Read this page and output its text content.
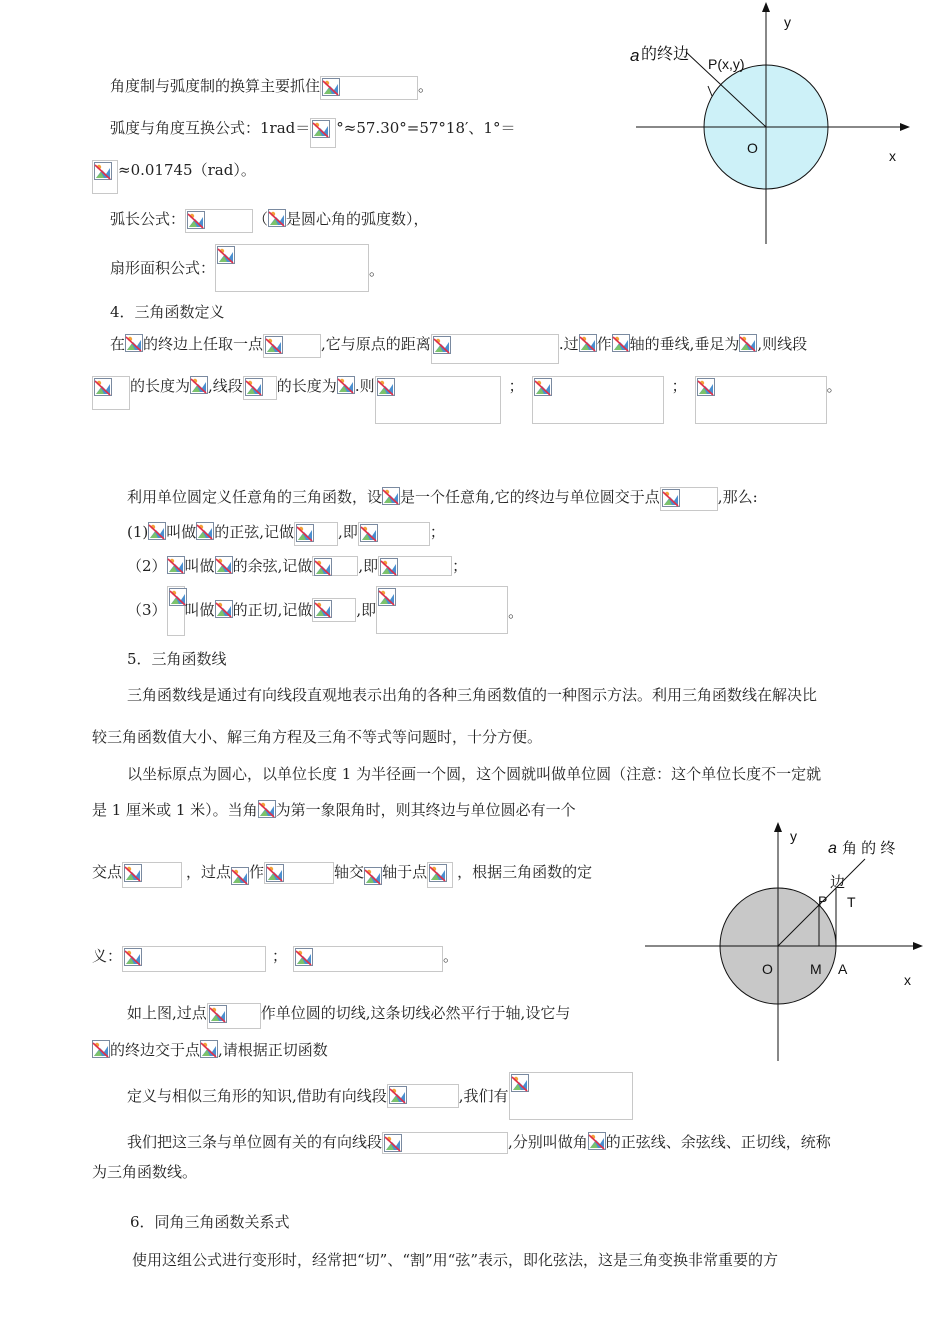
a 的终边
P(x,y)
y
x
O
y
a 角 的 终
边
P T
O	M A
x
角度制与弧度制的换算主要抓住	。
弧度与角度互换公式：1rad＝ °≈57.30°=57°18′、1°＝
≈0.01745（rad）。
弧长公式：	（ 是圆心角的弧度数），
扇形面积公式：	。
4．三角函数定义
在 的终边上任取一点	,它与原点的距离	.过 作 轴的垂线,垂足为 ,则线段
的长度为 ,线段 的长度为 .则	；	；	。
利用单位圆定义任意角的三角函数，设 是一个任意角,它的终边与单位圆交于点	,那么:
(1) 叫做 的正弦,记做	,即	；
（2） 叫做 的余弦,记做	,即	；
（3） 叫做 的正切,记做	,即	。
5．三角函数线
三角函数线是通过有向线段直观地表示出角的各种三角函数值的一种图示方法。利用三角函数线在解决比
较三角函数值大小、解三角方程及三角不等式等问题时，十分方便。
以坐标原点为圆心，以单位长度 1 为半径画一个圆，这个圆就叫做单位圆（注意：这个单位长度不一定就
是 1 厘米或 1 米）。当角 为第一象限角时，则其终边与单位圆必有一个
交点	，过点 作	轴交 轴于点 ，根据三角函数的定
义：	；	。
如上图,过点	作单位圆的切线,这条切线必然平行于轴,设它与
的终边交于点 ,请根据正切函数
定义与相似三角形的知识,借助有向线段	,我们有
我们把这三条与单位圆有关的有向线段	,分别叫做角 的正弦线、余弦线、正切线，统称
为三角函数线。
6．同角三角函数关系式
使用这组公式进行变形时，经常把“切”、“割”用“弦”表示，即化弦法，这是三角变换非常重要的方
